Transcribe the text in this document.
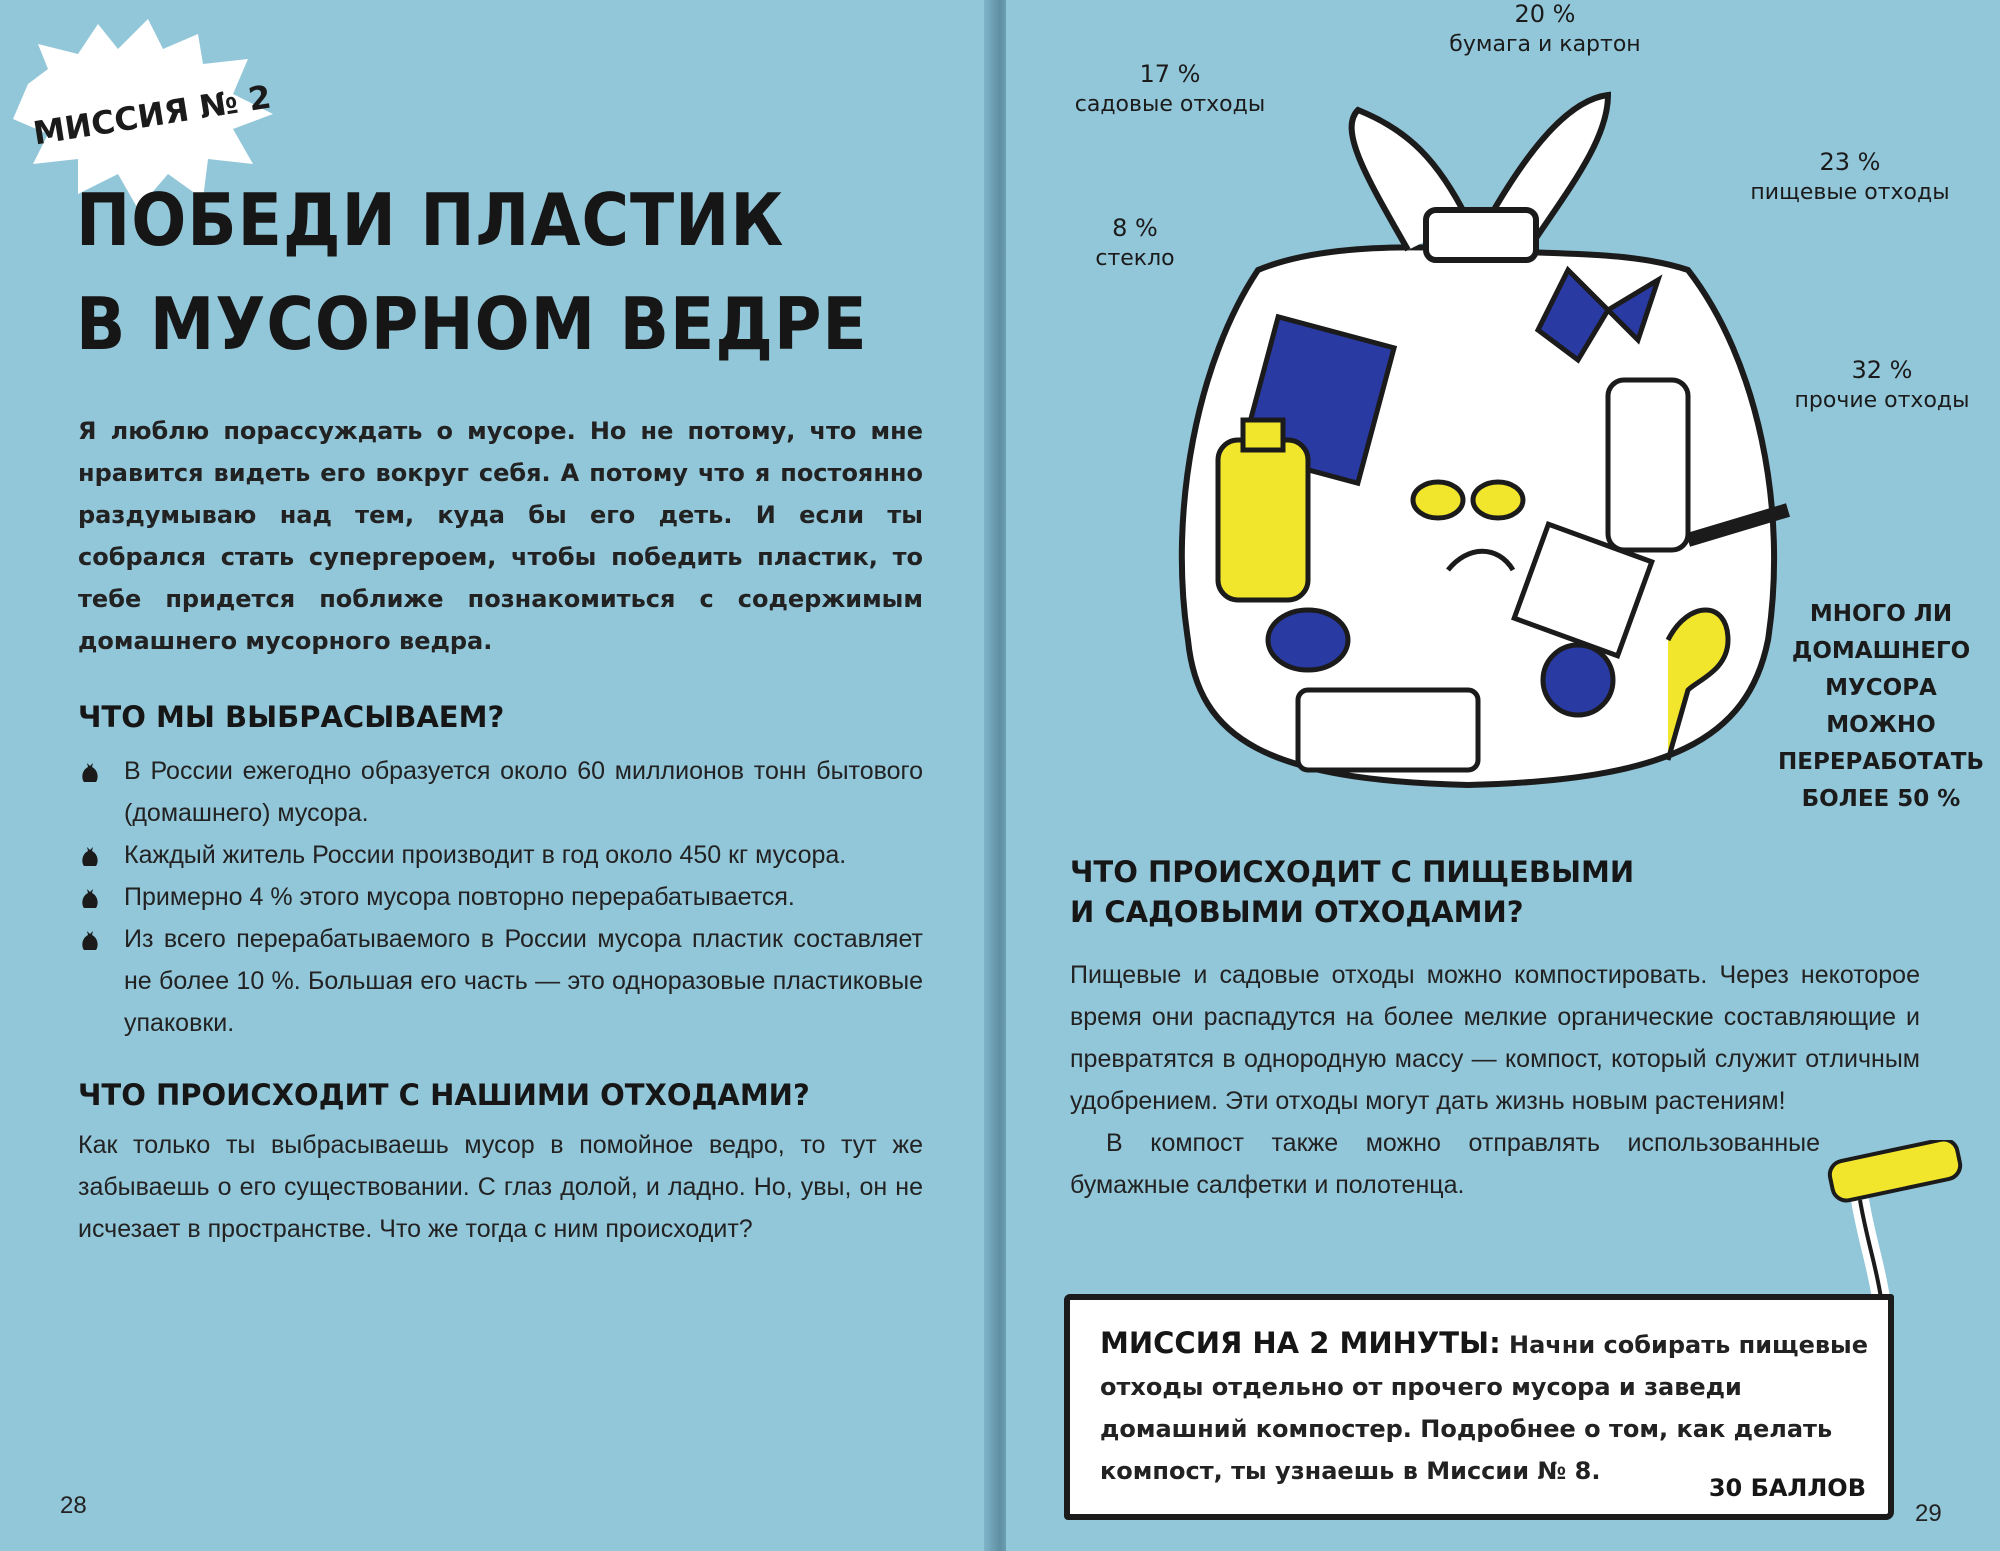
МИССИЯ № 2
ПОБЕДИ ПЛАСТИК
В МУСОРНОМ ВЕДРЕ
Я люблю порассуждать о мусоре. Но не потому, что мне нравится видеть его вокруг себя. А потому что я постоянно раздумываю над тем, куда бы его деть. И если ты собрался стать супергероем, чтобы победить пластик, то тебе придется поближе познакомиться с содержимым домашнего мусорного ведра.
ЧТО МЫ ВЫБРАСЫВАЕМ?
В России ежегодно образуется около 60 миллионов тонн бытового (домашнего) мусора.
Каждый житель России производит в год около 450 кг мусора.
Примерно 4 % этого мусора повторно перерабатывается.
Из всего перерабатываемого в России мусора пластик составляет не более 10 %. Большая его часть — это одноразовые пластиковые упаковки.
ЧТО ПРОИСХОДИТ С НАШИМИ ОТХОДАМИ?
Как только ты выбрасываешь мусор в помойное ведро, то тут же забываешь о его существовании. С глаз долой, и ладно. Но, увы, он не исчезает в пространстве. Что же тогда с ним происходит?
28
20 %
бумага и картон
17 %
садовые отходы
23 %
пищевые отходы
8 %
стекло
32 %
прочие отходы
МНОГО ЛИ ДОМАШНЕГО МУСОРА МОЖНО ПЕРЕРАБОТАТЬ БОЛЕЕ 50 %
ЧТО ПРОИСХОДИТ С ПИЩЕВЫМИ
И САДОВЫМИ ОТХОДАМИ?
Пищевые и садовые отходы можно компостировать. Через некоторое время они распадутся на более мелкие органические составляющие и превратятся в однородную массу — компост, который служит отличным удобрением. Эти отходы могут дать жизнь новым растениям!
В компост также можно отправлять использованные бумажные салфетки и полотенца.
МИССИЯ НА 2 МИНУТЫ: Начни собирать пищевые отходы отдельно от прочего мусора и заведи домашний компостер. Подробнее о том, как делать компост, ты узнаешь в Миссии № 8.
30 БАЛЛОВ
29
